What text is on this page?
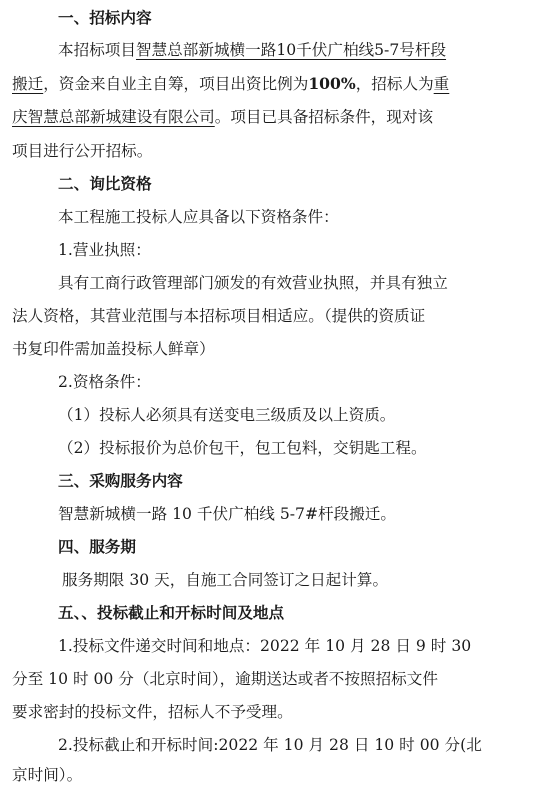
一、招标内容
本招标项目智慧总部新城横一路10千伏广柏线5-7号杆段
搬迁，资金来自业主自筹，项目出资比例为100%，招标人为重
庆智慧总部新城建设有限公司。项目已具备招标条件，现对该
项目进行公开招标。
二、询比资格
本工程施工投标人应具备以下资格条件：
1.营业执照：
具有工商行政管理部门颁发的有效营业执照，并具有独立
法人资格，其营业范围与本招标项目相适应。（提供的资质证
书复印件需加盖投标人鲜章）
2.资格条件：
（1）投标人必须具有送变电三级质及以上资质。
（2）投标报价为总价包干，包工包料，交钥匙工程。
三、采购服务内容
智慧新城横一路 10 千伏广柏线 5-7#杆段搬迁。
四、服务期
服务期限 30 天，自施工合同签订之日起计算。
五、、投标截止和开标时间及地点
1.投标文件递交时间和地点：2022 年 10 月 28 日 9 时 30
分至 10 时 00 分（北京时间），逾期送达或者不按照招标文件
要求密封的投标文件，招标人不予受理。
2.投标截止和开标时间:2022 年 10 月 28 日 10 时 00 分(北
京时间）。
